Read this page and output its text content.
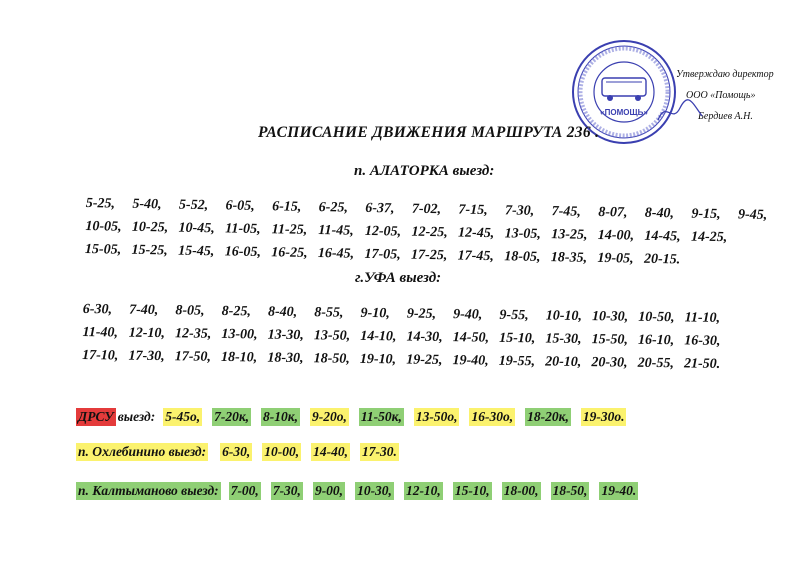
«ПОМОЩЬ»
Утверждаю директор
ООО «Помощь»
Бердиев А.Н.
РАСПИСАНИЕ ДВИЖЕНИЯ МАРШРУТА 236 .
п. АЛАТОРКА выезд:
5-25,	5-40,	5-52,	6-05,	6-15,	6-25,	6-37,	7-02,	7-15,	7-30,	7-45,	8-07,	8-40,	9-15,	9-45,
10-05, 10-25, 10-45, 11-05, 11-25, 11-45, 12-05, 12-25, 12-45, 13-05, 13-25, 14-00, 14-45, 14-25,
15-05, 15-25, 15-45, 16-05, 16-25, 16-45, 17-05, 17-25, 17-45, 18-05, 18-35, 19-05, 20-15.
г.УФА выезд:
6-30,	7-40,	8-05,	8-25,	8-40,	8-55,	9-10,	9-25,	9-40,	9-55,	10-10, 10-30, 10-50, 11-10,
11-40, 12-10, 12-35, 13-00, 13-30, 13-50, 14-10, 14-30, 14-50, 15-10, 15-30, 15-50, 16-10, 16-30,
17-10, 17-30, 17-50, 18-10, 18-30, 18-50, 19-10, 19-25, 19-40, 19-55, 20-10, 20-30, 20-55, 21-50.
ДРСУ выезд: 5-45о, 7-20к, 8-10к, 9-20о, 11-50к, 13-50о, 16-30о, 18-20к, 19-30о.
п. Охлебинино выезд: 6-30, 10-00, 14-40, 17-30.
п. Калтыманово выезд: 7-00, 7-30, 9-00, 10-30, 12-10, 15-10, 18-00, 18-50, 19-40.
